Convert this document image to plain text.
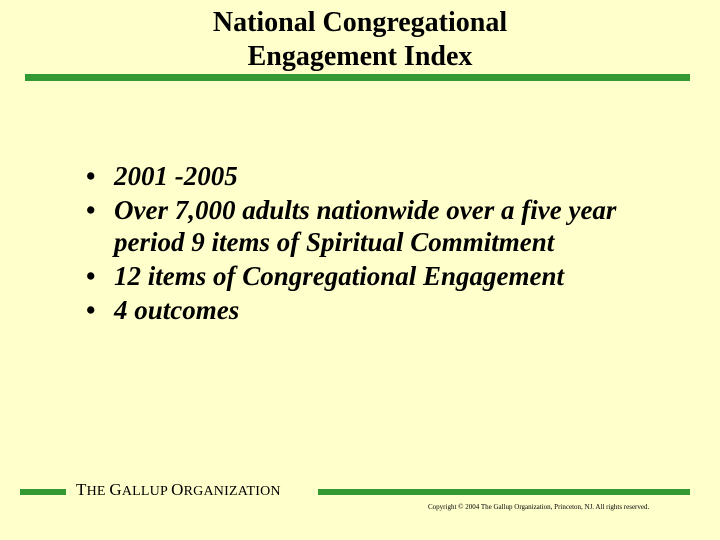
National Congregational
Engagement Index
• 2001 -2005
• Over 7,000 adults nationwide over a five year period 9 items of Spiritual Commitment
• 12 items of Congregational Engagement
• 4 outcomes
THE GALLUP ORGANIZATION
Copyright © 2004 The Gallup Organization, Princeton, NJ. All rights reserved.
